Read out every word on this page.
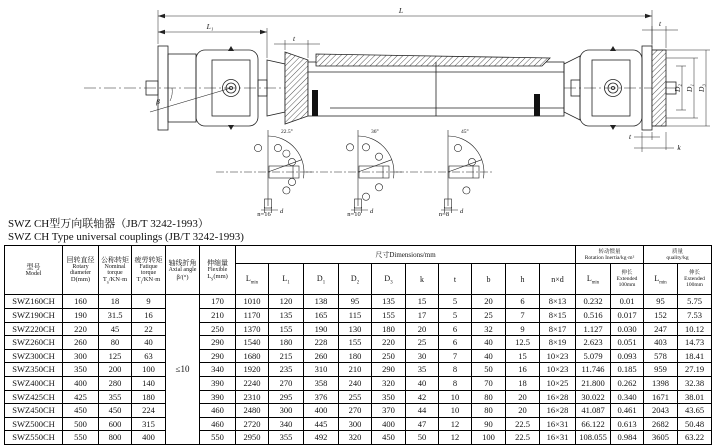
L
L₁
t
t
D₂ D₁ D₃
β
t
k
d
22.5°
n=16	d
36°
n=10	d
45°
n=8
SWZ CH型万向联轴器（JB/T 3242-1993）
SWZ CH Type universal couplings (JB/T 3242-1993)
型号
Model

回转直径
Rotary
diameter
D(mm)

公称转矩
Nominal
torque
$T_n/KN\cdot m$

疲劳转矩
Fatique
torque
$T_f/KN\cdot m$

轴线折角
Axial angle
β/(°)

伸缩量
Flexible
$L_S(mm)$

尺寸Dimensions/mm	转动惯量
Rotation Inertia/kg·m²

质量
quality/kg

$L_{min}$	$L_1$	$D_1$	$D_2$	$D_3$	k	t	b	h	n×d	$L_{min}$	
伸长
Extended
100mm
	$L_{min}$	
伸长
Extended
100mm

SWZ160CH	160	18	9	≤10	170	1010	120	138	95	135	15	5	20	6	8×13	0.232	0.01	95	5.75
SWZ190CH	190	31.5	16		210	1170	135	165	115	155	17	5	25	7	8×15	0.516	0.017	152	7.53
SWZ220CH	220	45	22		250	1370	155	190	130	180	20	6	32	9	8×17	1.127	0.030	247	10.12
SWZ260CH	260	80	40		290	1540	180	228	155	220	25	6	40	12.5	8×19	2.623	0.051	403	14.73
SWZ300CH	300	125	63		290	1680	215	260	180	250	30	7	40	15	10×23	5.079	0.093	578	18.41
SWZ350CH	350	200	100		340	1920	235	310	210	290	35	8	50	16	10×23	11.746	0.185	959	27.19
SWZ400CH	400	280	140		390	2240	270	358	240	320	40	8	70	18	10×25	21.800	0.262	1398	32.38
SWZ425CH	425	355	180		390	2310	295	376	255	350	42	10	80	20	16×28	30.022	0.340	1671	38.01
SWZ450CH	450	450	224		460	2480	300	400	270	370	44	10	80	20	16×28	41.087	0.461	2043	43.65
SWZ500CH	500	600	315		460	2720	340	445	300	400	47	12	90	22.5	16×31	66.122	0.613	2682	50.48
SWZ550CH	550	800	400		550	2950	355	492	320	450	50	12	100	22.5	16×31	108.055	0.984	3605	63.22
